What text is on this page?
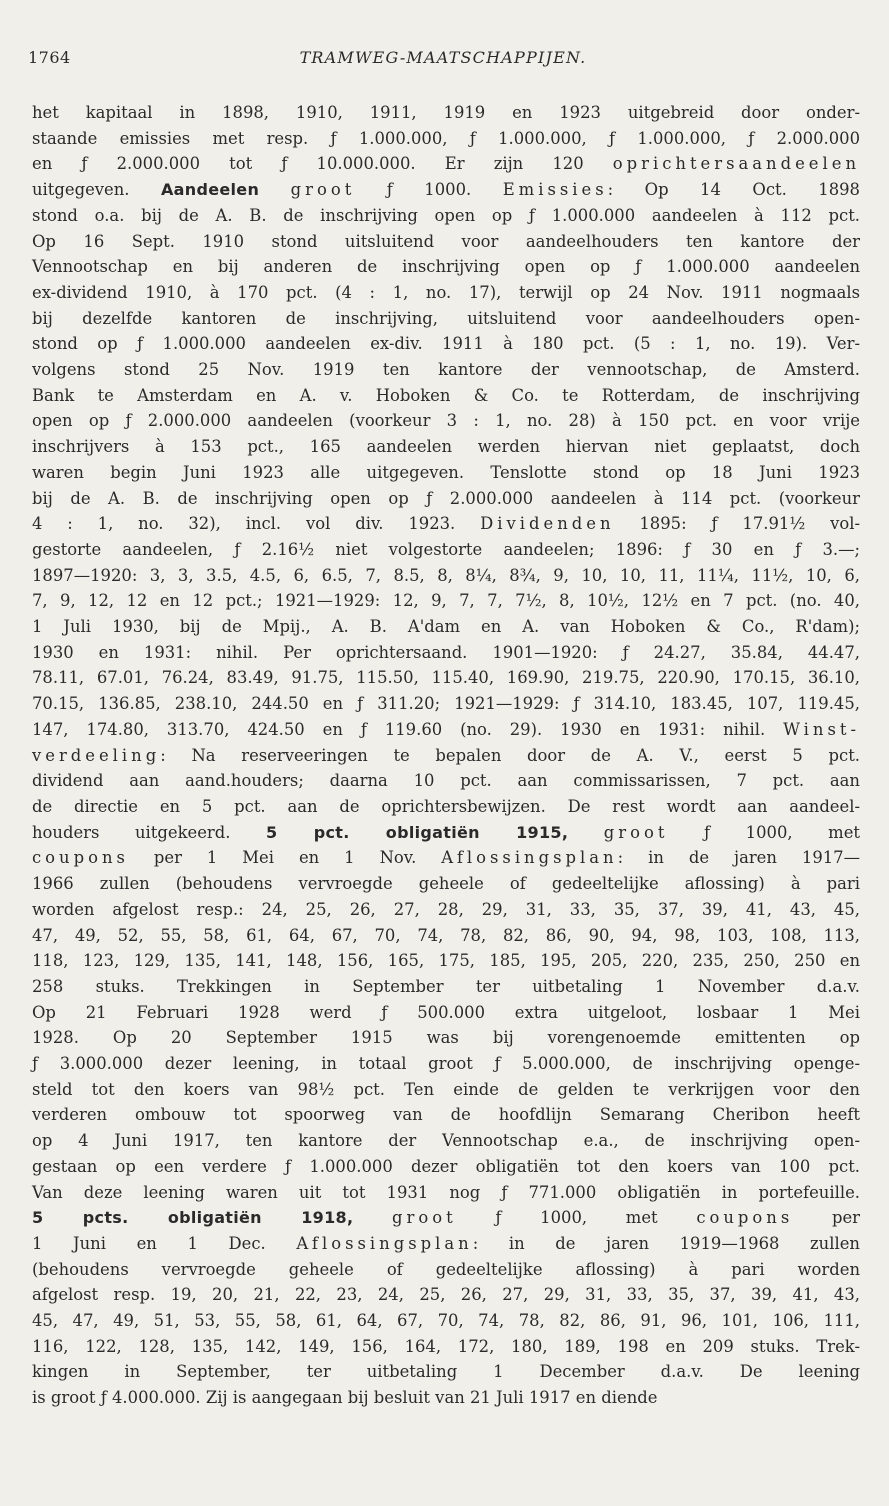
1764	TRAMWEG-MAATSCHAPPIJEN.
het kapitaal in 1898, 1910, 1911, 1919 en 1923 uitgebreid door onder-
staande emissies met resp. ƒ 1.000.000, ƒ 1.000.000, ƒ 1.000.000, ƒ 2.000.000
en ƒ 2.000.000 tot ƒ 10.000.000. Er zijn 120 oprichtersaandeelen
uitgegeven. Aandeelen groot ƒ 1000. Emissies: Op 14 Oct. 1898
stond o.a. bij de A. B. de inschrijving open op ƒ 1.000.000 aandeelen à 112 pct.
Op 16 Sept. 1910 stond uitsluitend voor aandeelhouders ten kantore der
Vennootschap en bij anderen de inschrijving open op ƒ 1.000.000 aandeelen
ex-dividend 1910, à 170 pct. (4 : 1, no. 17), terwijl op 24 Nov. 1911 nogmaals
bij dezelfde kantoren de inschrijving, uitsluitend voor aandeelhouders open-
stond op ƒ 1.000.000 aandeelen ex-div. 1911 à 180 pct. (5 : 1, no. 19). Ver-
volgens stond 25 Nov. 1919 ten kantore der vennootschap, de Amsterd.
Bank te Amsterdam en A. v. Hoboken & Co. te Rotterdam, de inschrijving
open op ƒ 2.000.000 aandeelen (voorkeur 3 : 1, no. 28) à 150 pct. en voor vrije
inschrijvers à 153 pct., 165 aandeelen werden hiervan niet geplaatst, doch
waren begin Juni 1923 alle uitgegeven. Tenslotte stond op 18 Juni 1923
bij de A. B. de inschrijving open op ƒ 2.000.000 aandeelen à 114 pct. (voorkeur
4 : 1, no. 32), incl. vol div. 1923. Dividenden 1895: ƒ 17.91½ vol-
gestorte aandeelen, ƒ 2.16½ niet volgestorte aandeelen; 1896: ƒ 30 en ƒ 3.—;
1897—1920: 3, 3, 3.5, 4.5, 6, 6.5, 7, 8.5, 8, 8¼, 8¾, 9, 10, 10, 11, 11¼, 11½, 10, 6,
7, 9, 12, 12 en 12 pct.; 1921—1929: 12, 9, 7, 7, 7½, 8, 10½, 12½ en 7 pct. (no. 40,
1 Juli 1930, bij de Mpij., A. B. A'dam en A. van Hoboken & Co., R'dam);
1930 en 1931: nihil. Per oprichtersaand. 1901—1920: ƒ 24.27, 35.84, 44.47,
78.11, 67.01, 76.24, 83.49, 91.75, 115.50, 115.40, 169.90, 219.75, 220.90, 170.15, 36.10,
70.15, 136.85, 238.10, 244.50 en ƒ 311.20; 1921—1929: ƒ 314.10, 183.45, 107, 119.45,
147, 174.80, 313.70, 424.50 en ƒ 119.60 (no. 29). 1930 en 1931: nihil. Winst-
verdeeling: Na reserveeringen te bepalen door de A. V., eerst 5 pct.
dividend aan aand.houders; daarna 10 pct. aan commissarissen, 7 pct. aan
de directie en 5 pct. aan de oprichtersbewijzen. De rest wordt aan aandeel-
houders uitgekeerd. 5 pct. obligatiën 1915, groot ƒ 1000, met
coupons per 1 Mei en 1 Nov. Aflossingsplan: in de jaren 1917—
1966 zullen (behoudens vervroegde geheele of gedeeltelijke aflossing) à pari
worden afgelost resp.: 24, 25, 26, 27, 28, 29, 31, 33, 35, 37, 39, 41, 43, 45,
47, 49, 52, 55, 58, 61, 64, 67, 70, 74, 78, 82, 86, 90, 94, 98, 103, 108, 113,
118, 123, 129, 135, 141, 148, 156, 165, 175, 185, 195, 205, 220, 235, 250, 250 en
258 stuks. Trekkingen in September ter uitbetaling 1 November d.a.v.
Op 21 Februari 1928 werd ƒ 500.000 extra uitgeloot, losbaar 1 Mei
1928. Op 20 September 1915 was bij vorengenoemde emittenten op
ƒ 3.000.000 dezer leening, in totaal groot ƒ 5.000.000, de inschrijving openge-
steld tot den koers van 98½ pct. Ten einde de gelden te verkrijgen voor den
verderen ombouw tot spoorweg van de hoofdlijn Semarang Cheribon heeft
op 4 Juni 1917, ten kantore der Vennootschap e.a., de inschrijving open-
gestaan op een verdere ƒ 1.000.000 dezer obligatiën tot den koers van 100 pct.
Van deze leening waren uit tot 1931 nog ƒ 771.000 obligatiën in portefeuille.
5 pcts. obligatiën 1918, groot ƒ 1000, met coupons per
1 Juni en 1 Dec. Aflossingsplan: in de jaren 1919—1968 zullen
(behoudens vervroegde geheele of gedeeltelijke aflossing) à pari worden
afgelost resp. 19, 20, 21, 22, 23, 24, 25, 26, 27, 29, 31, 33, 35, 37, 39, 41, 43,
45, 47, 49, 51, 53, 55, 58, 61, 64, 67, 70, 74, 78, 82, 86, 91, 96, 101, 106, 111,
116, 122, 128, 135, 142, 149, 156, 164, 172, 180, 189, 198 en 209 stuks. Trek-
kingen in September, ter uitbetaling 1 December d.a.v. De leening
is groot ƒ 4.000.000. Zij is aangegaan bij besluit van 21 Juli 1917 en diende
